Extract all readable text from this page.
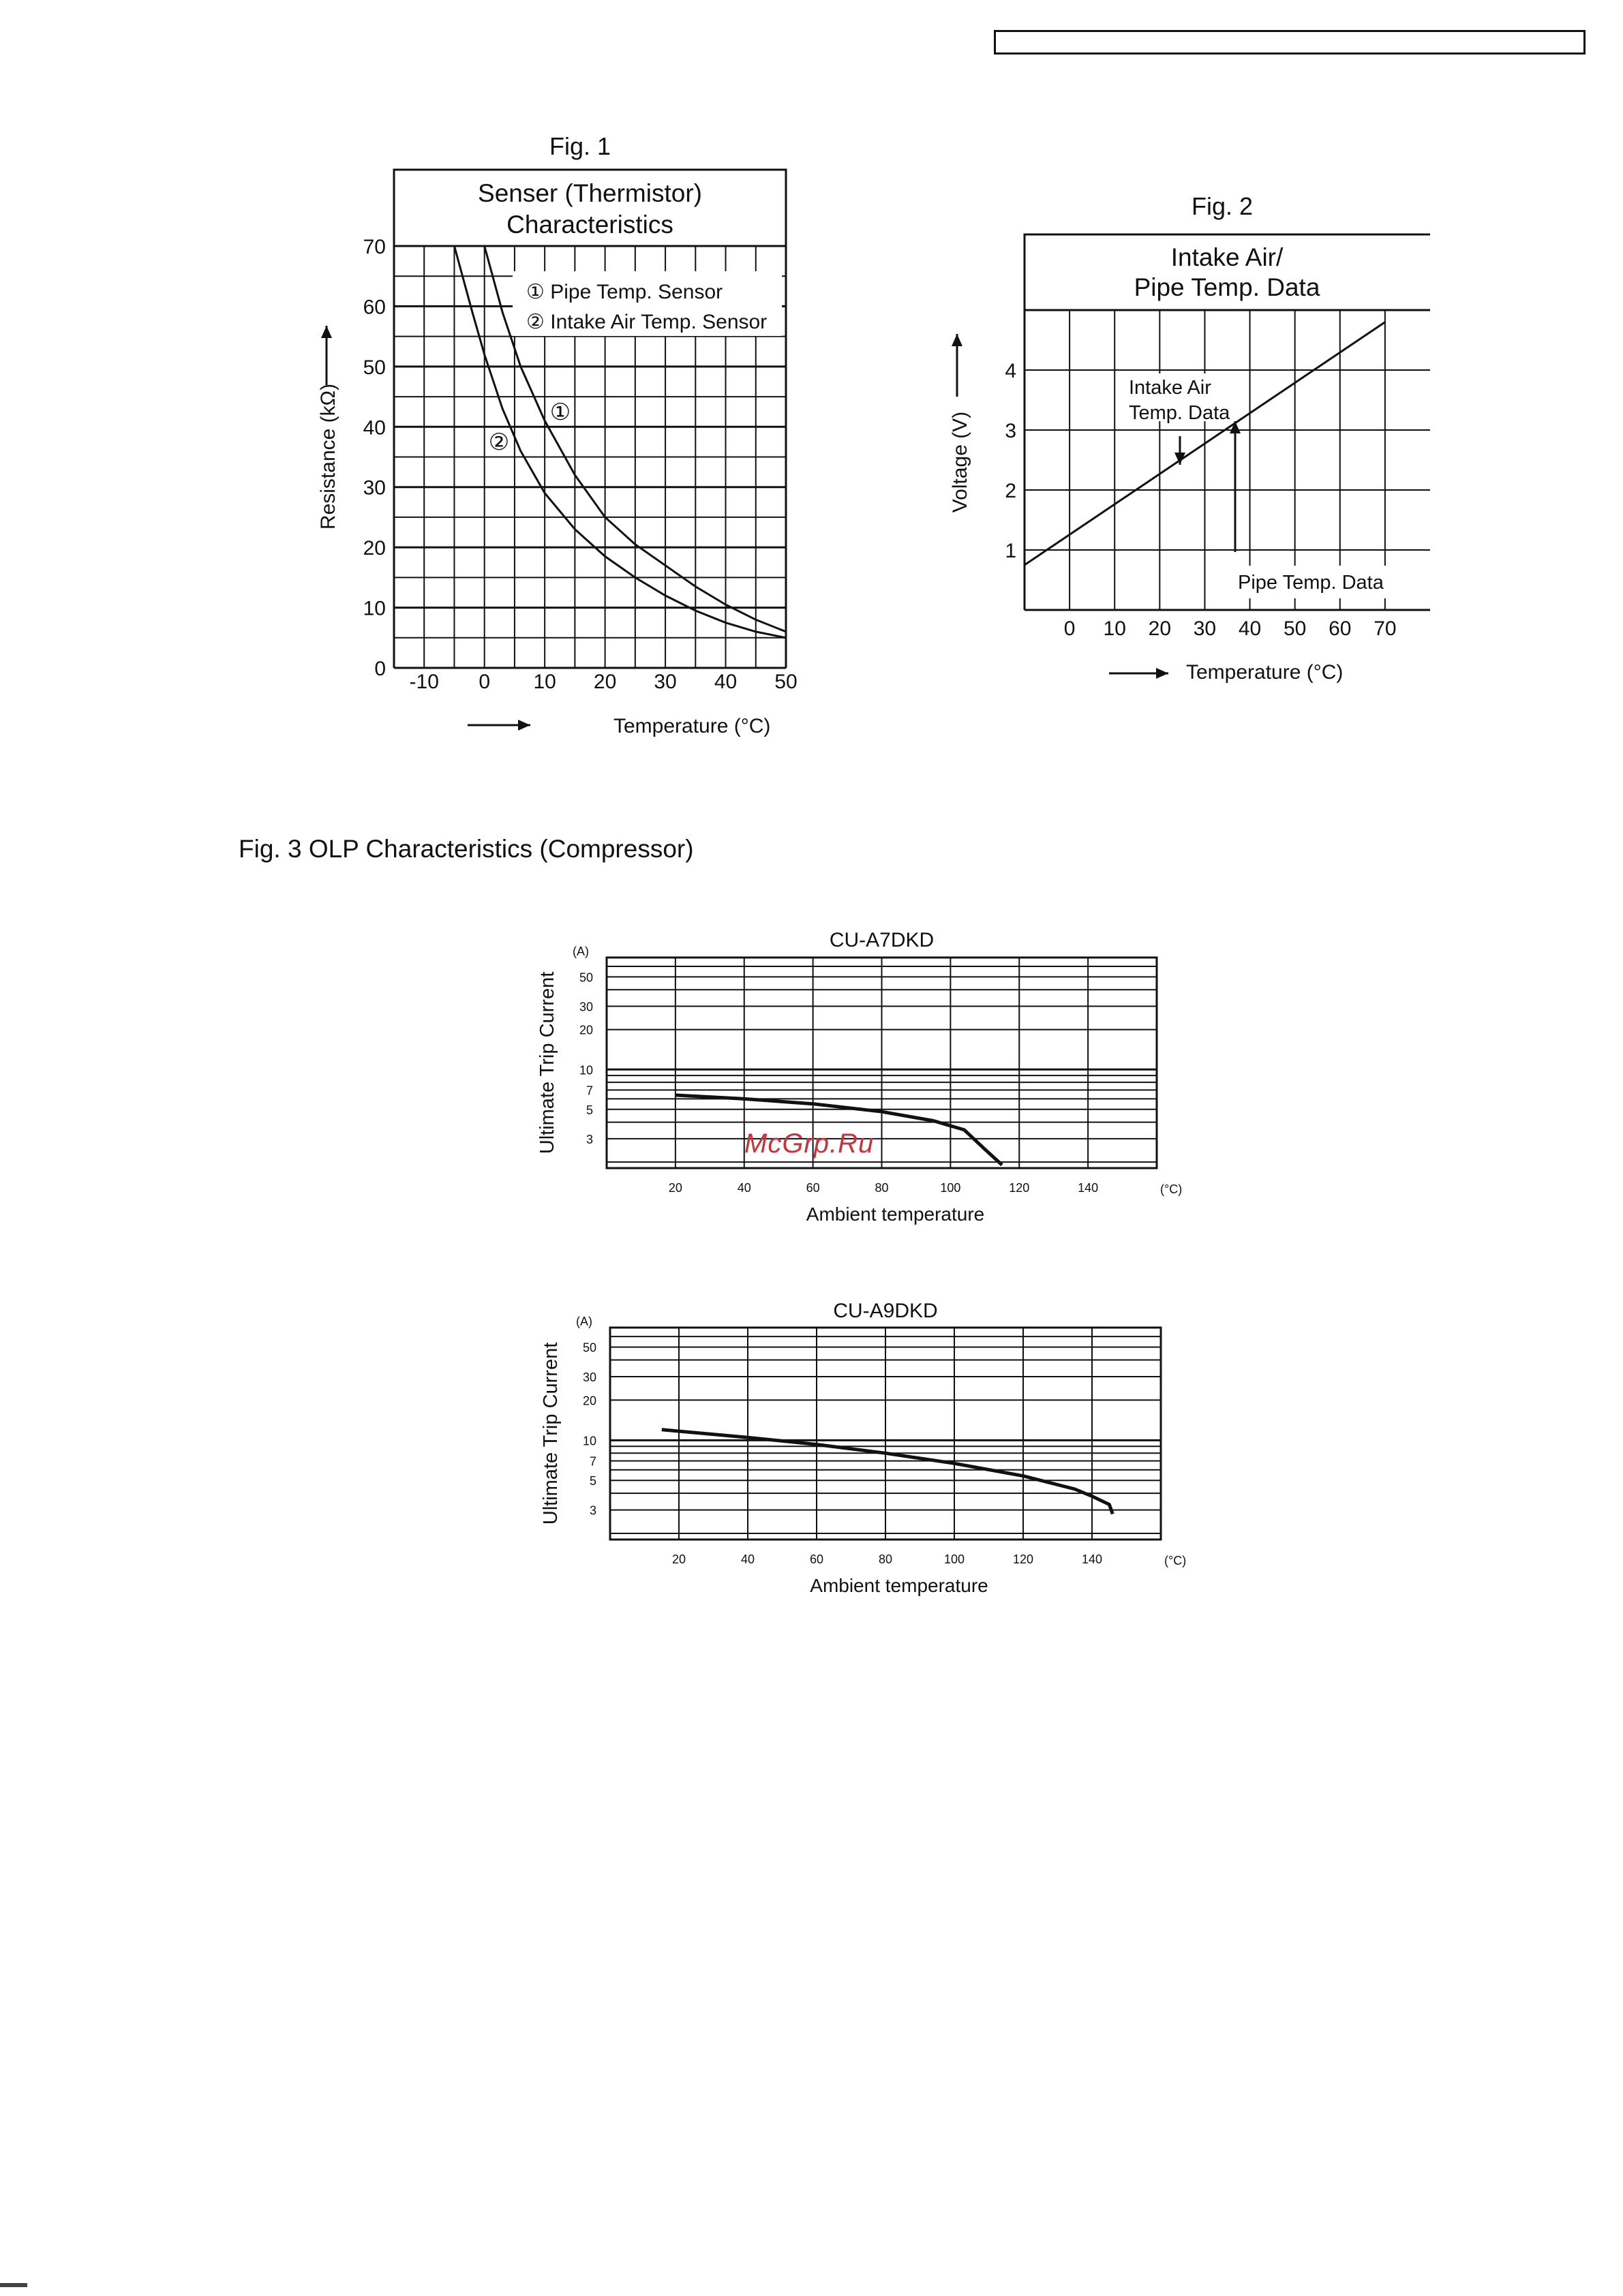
Fig. 1
Fig. 2
Fig. 3 OLP Characteristics (Compressor)
Senser (Thermistor)
Characteristics
① Pipe Temp. Sensor
② Intake Air Temp. Sensor
-10 0 10 20 30 40 50
0
10
20
30
40
50
60
70
Temperature (°C)
Resistance (kΩ)	①
②
Intake Air/
Pipe Temp. Data
Intake Air
Temp. Data
Pipe Temp. Data
0 10 20 30 40 50 60 70
1
2
3
4
Temperature (°C)
Voltage (V)
CU-A7DKD
3
5
7
10
20
30
50
20	40	60	80	100	120	140
(A)
(°C)
Ambient temperature
Ultimate Trip Current
CU-A9DKD
3
5
7
10
20
30
50
20	40	60	80	100	120	140
(A)
(°C)
Ambient temperature
Ultimate Trip Current
McGrp.Ru
